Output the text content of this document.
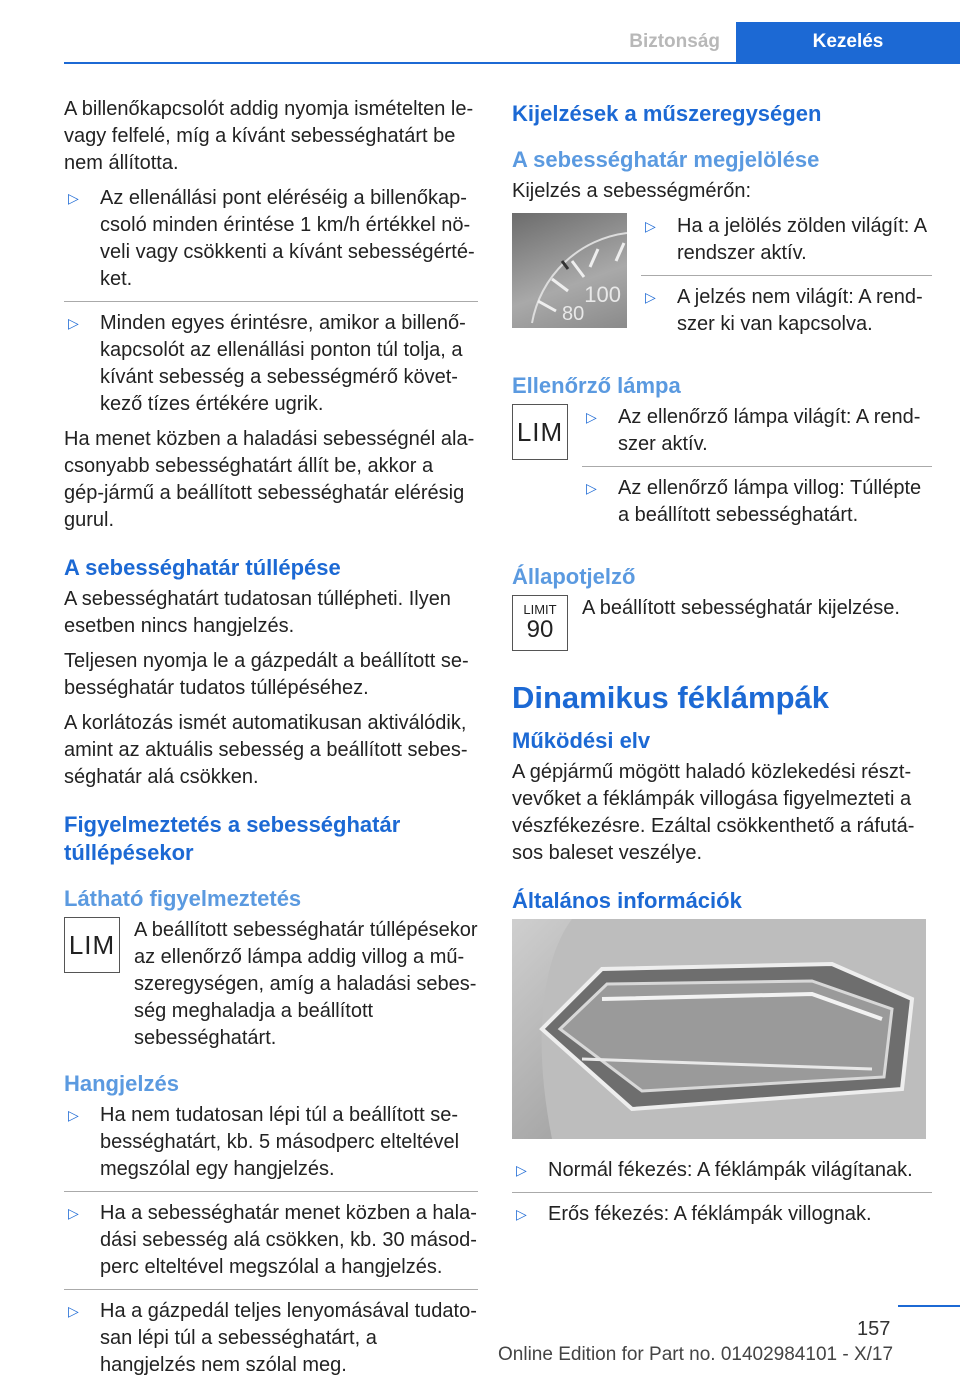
Biztonság	Kezelés

A billenőkapcsolót addig nyomja ismételten le- vagy felfelé, míg a kívánt sebességhatárt be nem állította.

▷ Az ellenállási pont eléréséig a billenőkap-csoló minden érintése 1 km/h értékkel nö-veli vagy csökkenti a kívánt sebességérté-ket.
▷ Minden egyes érintésre, amikor a billenő-kapcsolót az ellenállási ponton túl tolja, a kívánt sebesség a sebességmérő követ-kező tízes értékére ugrik.

Ha menet közben a haladási sebességnél ala-csonyabb sebességhatárt állít be, akkor a gép-jármű a beállított sebességhatár elérésig gurul.

A sebességhatár túllépése

A sebességhatárt tudatosan túllépheti. Ilyen esetben nincs hangjelzés.

Teljesen nyomja le a gázpedált a beállított se-bességhatár tudatos túllépéséhez.

A korlátozás ismét automatikusan aktiválódik, amint az aktuális sebesség a beállított sebes-séghatár alá csökken.

Figyelmeztetés a sebességhatár túllépésekor
Látható figyelmeztetés
LIM A beállított sebességhatár túllépésekor az ellenőrző lámpa addig villog a mű-szeregységen, amíg a haladási sebes-ség meghaladja a beállított sebességhatárt.

Hangjelzés
▷ Ha nem tudatosan lépi túl a beállított se-bességhatárt, kb. 5 másodperc elteltével megszólal egy hangjelzés.
▷ Ha a sebességhatár menet közben a hala-dási sebesség alá csökken, kb. 30 másod-perc elteltével megszólal a hangjelzés.
▷ Ha a gázpedál teljes lenyomásával tudato-san lépi túl a sebességhatárt, a hangjelzés nem szólal meg.
Kijelzések a műszeregységen
A sebességhatár megjelölése

Kijelzés a sebességmérőn:

100
80
▷ Ha a jelölés zölden világít: A rendszer aktív.
▷ A jelzés nem világít: A rend-szer ki van kapcsolva.
Ellenőrző lámpa
LIM
▷	Az ellenőrző lámpa világít: A rend-szer aktív.
▷ Az ellenőrző lámpa villog: Túllépte a beállított sebességhatárt.
Állapotjelző
LIMIT
90

A beállított sebességhatár kijelzése.

Dinamikus féklámpák
Működési elv

A gépjármű mögött haladó közlekedési részt-vevőket a féklámpák villogása figyelmezteti a vészfékezésre. Ezáltal csökkenthető a ráfutá-sos baleset veszélye.

Általános információk
▷ Normál fékezés: A féklámpák világítanak.
▷ Erős fékezés: A féklámpák villognak.
157
Online Edition for Part no. 01402984101 - X/17
